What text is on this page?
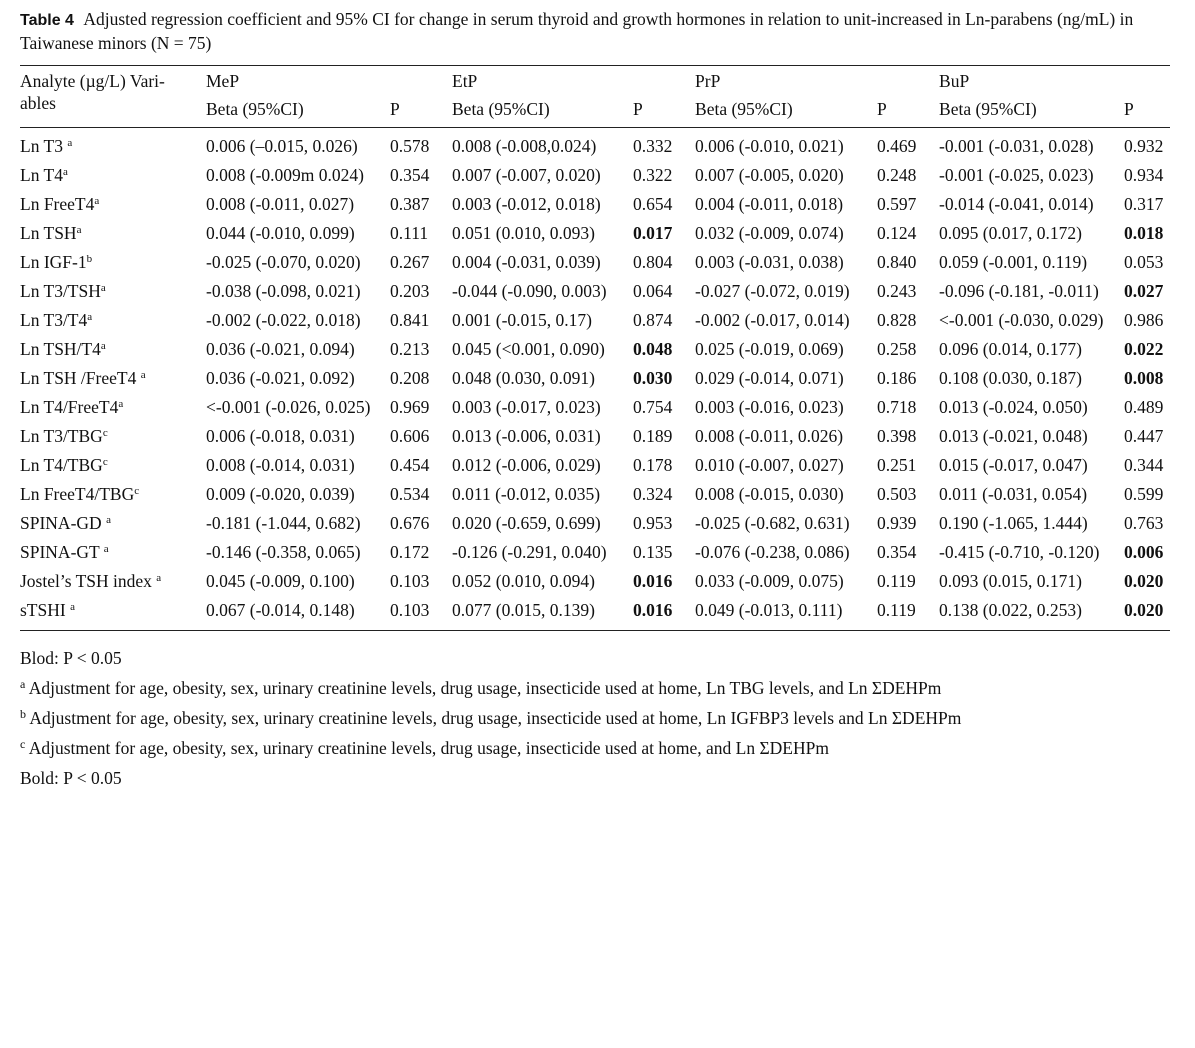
Table 4 Adjusted regression coefficient and 95% CI for change in serum thyroid and growth hormones in relation to unit-increased in Ln-parabens (ng/mL) in Taiwanese minors (N = 75)
Analyte (µg/L) Vari-
ables	MeP		EtP		PrP		BuP	
	Beta (95%CI)	P	Beta (95%CI)	P	Beta (95%CI)	P	Beta (95%CI)	P
Ln T3 $^a$	0.006 (–0.015, 0.026)	0.578	0.008 (-0.008,0.024)	0.332	0.006 (-0.010, 0.021)	0.469	-0.001 (-0.031, 0.028)	0.932
Ln T4$^a$	0.008 (-0.009m 0.024)	0.354	0.007 (-0.007, 0.020)	0.322	0.007 (-0.005, 0.020)	0.248	-0.001 (-0.025, 0.023)	0.934
Ln FreeT4$^a$	0.008 (-0.011, 0.027)	0.387	0.003 (-0.012, 0.018)	0.654	0.004 (-0.011, 0.018)	0.597	-0.014 (-0.041, 0.014)	0.317
Ln TSH$^a$	0.044 (-0.010, 0.099)	0.111	0.051 (0.010, 0.093)	0.017	0.032 (-0.009, 0.074)	0.124	0.095 (0.017, 0.172)	0.018
Ln IGF-1$^b$	-0.025 (-0.070, 0.020)	0.267	0.004 (-0.031, 0.039)	0.804	0.003 (-0.031, 0.038)	0.840	0.059 (-0.001, 0.119)	0.053
Ln T3/TSH$^a$	-0.038 (-0.098, 0.021)	0.203	-0.044 (-0.090, 0.003)	0.064	-0.027 (-0.072, 0.019)	0.243	-0.096 (-0.181, -0.011)	0.027
Ln T3/T4$^a$	-0.002 (-0.022, 0.018)	0.841	0.001 (-0.015, 0.17)	0.874	-0.002 (-0.017, 0.014)	0.828	<-0.001 (-0.030, 0.029)	0.986
Ln TSH/T4$^a$	0.036 (-0.021, 0.094)	0.213	0.045 (<0.001, 0.090)	0.048	0.025 (-0.019, 0.069)	0.258	0.096 (0.014, 0.177)	0.022
Ln TSH /FreeT4 $^a$	0.036 (-0.021, 0.092)	0.208	0.048 (0.030, 0.091)	0.030	0.029 (-0.014, 0.071)	0.186	0.108 (0.030, 0.187)	0.008
Ln $T4/FreeT4^a$	<-0.001 (-0.026, 0.025)	0.969	0.003 (-0.017, 0.023)	0.754	0.003 (-0.016, 0.023)	0.718	0.013 (-0.024, 0.050)	0.489
Ln T3/TBG$^c$	0.006 (-0.018, 0.031)	0.606	0.013 (-0.006, 0.031)	0.189	0.008 (-0.011, 0.026)	0.398	0.013 (-0.021, 0.048)	0.447
Ln T4/TBG$^c$	0.008 (-0.014, 0.031)	0.454	0.012 (-0.006, 0.029)	0.178	0.010 (-0.007, 0.027)	0.251	0.015 (-0.017, 0.047)	0.344
Ln FreeT4/TBG$^c$	0.009 (-0.020, 0.039)	0.534	0.011 (-0.012, 0.035)	0.324	0.008 (-0.015, 0.030)	0.503	0.011 (-0.031, 0.054)	0.599
SPINA-GD $^a$	-0.181 (-1.044, 0.682)	0.676	0.020 (-0.659, 0.699)	0.953	-0.025 (-0.682, 0.631)	0.939	0.190 (-1.065, 1.444)	0.763
SPINA-GT $^a$	-0.146 (-0.358, 0.065)	0.172	-0.126 (-0.291, 0.040)	0.135	-0.076 (-0.238, 0.086)	0.354	-0.415 (-0.710, -0.120)	0.006
Jostel’s TSH index $^a$	0.045 (-0.009, 0.100)	0.103	0.052 (0.010, 0.094)	0.016	0.033 (-0.009, 0.075)	0.119	0.093 (0.015, 0.171)	0.020
sTSHI $^a$	0.067 (-0.014, 0.148)	0.103	0.077 (0.015, 0.139)	0.016	0.049 (-0.013, 0.111)	0.119	0.138 (0.022, 0.253)	0.020
Blod: P < 0.05
$^a$ Adjustment for age, obesity, sex, urinary creatinine levels, drug usage, insecticide used at home, Ln TBG levels, and Ln ΣDEHPm
$^b$ Adjustment for age, obesity, sex, urinary creatinine levels, drug usage, insecticide used at home, Ln IGFBP3 levels and Ln ΣDEHPm
$^c$ Adjustment for age, obesity, sex, urinary creatinine levels, drug usage, insecticide used at home, and Ln ΣDEHPm
Bold: P < 0.05
